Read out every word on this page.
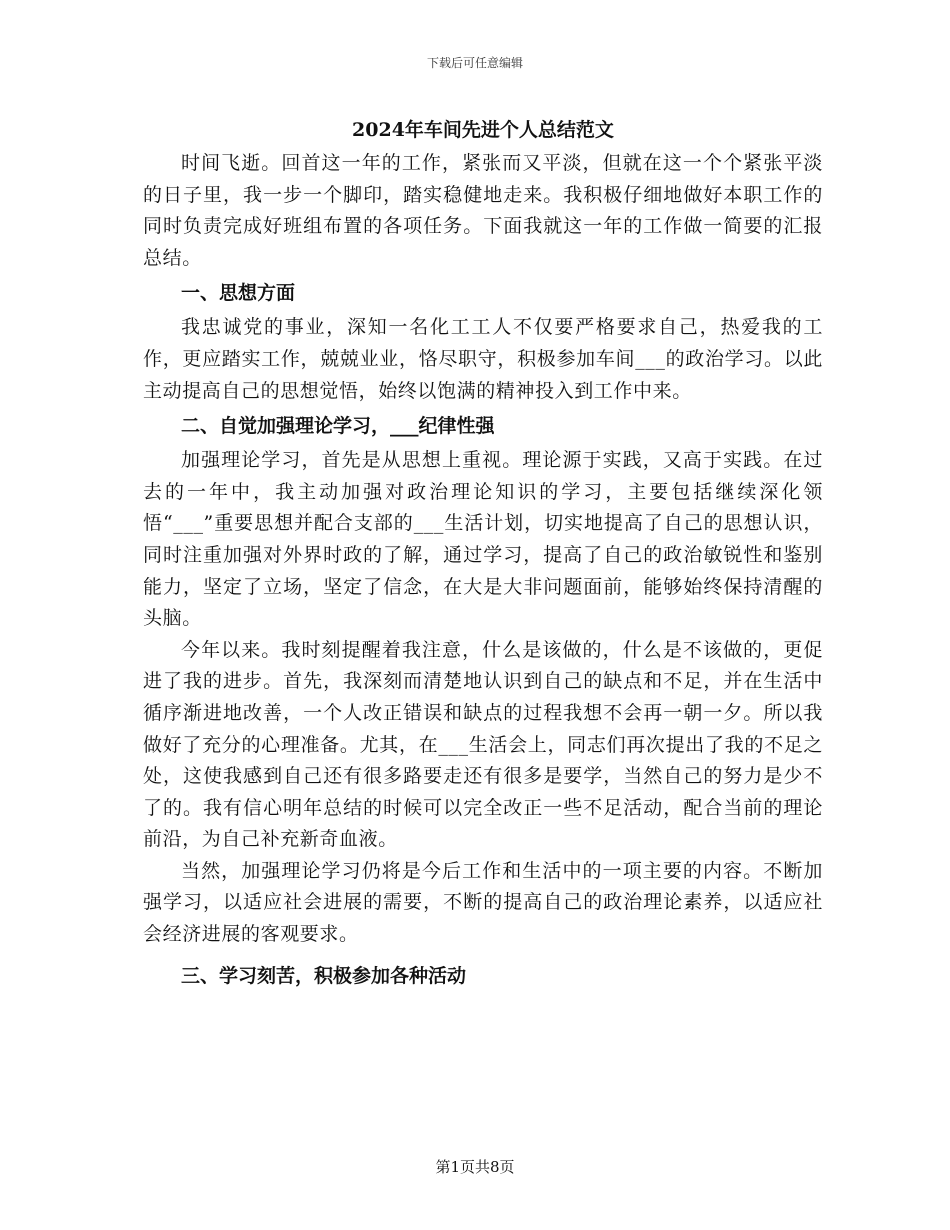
下载后可任意编辑
2024年车间先进个人总结范文

时间飞逝。回首这一年的工作，紧张而又平淡，但就在这一个个紧张平淡的日子里，我一步一个脚印，踏实稳健地走来。我积极仔细地做好本职工作的同时负责完成好班组布置的各项任务。下面我就这一年的工作做一简要的汇报总结。

一、思想方面

我忠诚党的事业，深知一名化工工人不仅要严格要求自己，热爱我的工作，更应踏实工作，兢兢业业，恪尽职守，积极参加车间___的政治学习。以此主动提高自己的思想觉悟，始终以饱满的精神投入到工作中来。

二、自觉加强理论学习，___纪律性强

加强理论学习，首先是从思想上重视。理论源于实践，又高于实践。在过去的一年中，我主动加强对政治理论知识的学习，主要包括继续深化领悟“___”重要思想并配合支部的___生活计划，切实地提高了自己的思想认识，同时注重加强对外界时政的了解，通过学习，提高了自己的政治敏锐性和鉴别能力，坚定了立场，坚定了信念，在大是大非问题面前，能够始终保持清醒的头脑。

今年以来。我时刻提醒着我注意，什么是该做的，什么是不该做的，更促进了我的进步。首先，我深刻而清楚地认识到自己的缺点和不足，并在生活中循序渐进地改善，一个人改正错误和缺点的过程我想不会再一朝一夕。所以我做好了充分的心理准备。尤其，在___生活会上，同志们再次提出了我的不足之处，这使我感到自己还有很多路要走还有很多是要学，当然自己的努力是少不了的。我有信心明年总结的时候可以完全改正一些不足活动，配合当前的理论前沿，为自己补充新奇血液。

当然，加强理论学习仍将是今后工作和生活中的一项主要的内容。不断加强学习，以适应社会进展的需要，不断的提高自己的政治理论素养，以适应社会经济进展的客观要求。

三、学习刻苦，积极参加各种活动
第1页共8页
